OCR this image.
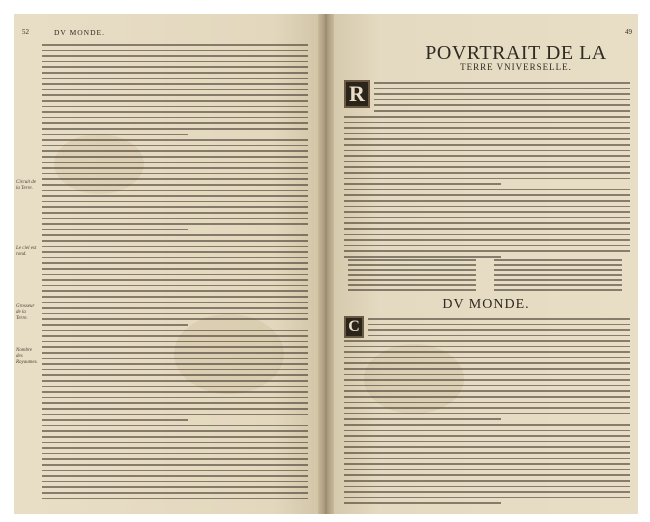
52	DV MONDE.
Circuit de la Terre.
Le ciel est rond.
Grosseur de la Terre.
Nombre des Royaumes.
49
POVRTRAIT DE LA
TERRE VNIVERSELLE.
R
DV MONDE.
C
